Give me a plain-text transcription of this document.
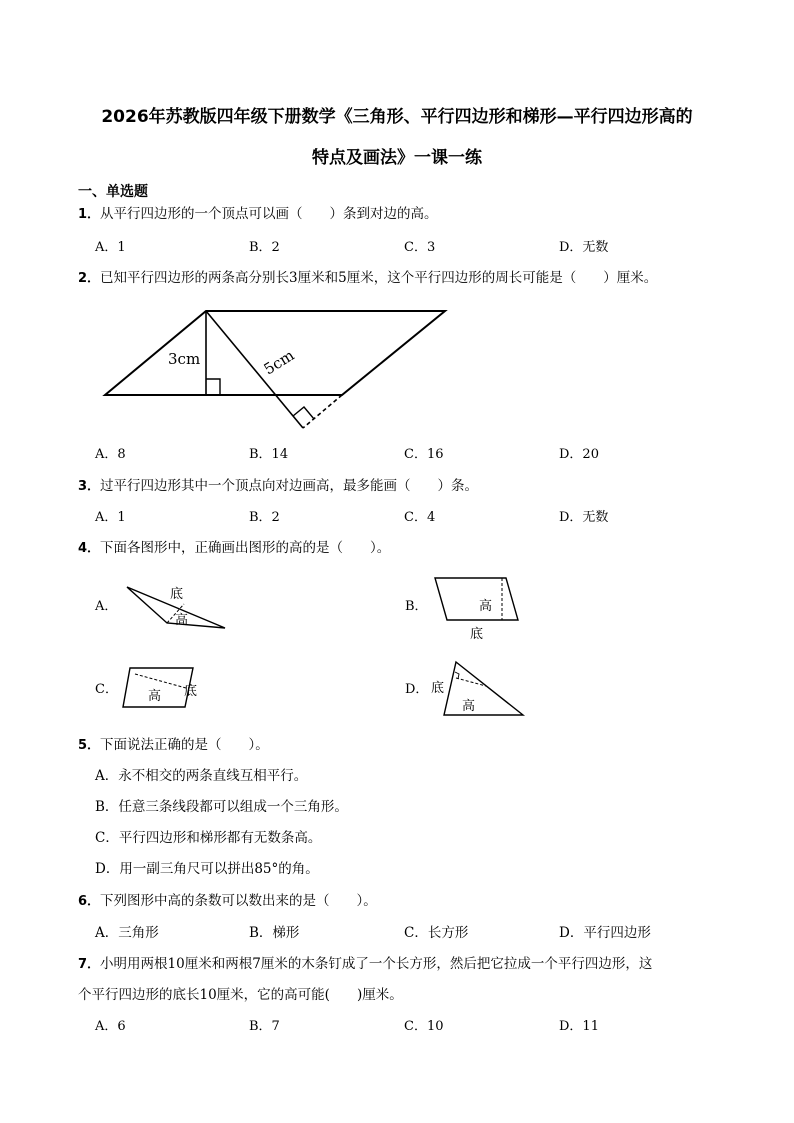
2026年苏教版四年级下册数学《三角形、平行四边形和梯形—平行四边形高的
特点及画法》一课一练
一、单选题
1．从平行四边形的一个顶点可以画（　　）条到对边的高。
A．1	B．2	C．3	D．无数
2．已知平行四边形的两条高分别长3厘米和5厘米，这个平行四边形的周长可能是（　　）厘米。
3cm	5cm
A．8	B．14	C．16	D．20
3．过平行四边形其中一个顶点向对边画高，最多能画（　　）条。
A．1	B．2	C．4	D．无数
4．下面各图形中，正确画出图形的高的是（　　）。
A．
底
高
B．	高
底
C． 高 底	D． 底
高
5．下面说法正确的是（　　）。
A．永不相交的两条直线互相平行。
B．任意三条线段都可以组成一个三角形。
C．平行四边形和梯形都有无数条高。
D．用一副三角尺可以拼出85°的角。
6．下列图形中高的条数可以数出来的是（　　）。
A．三角形	B．梯形	C．长方形	D．平行四边形
7．小明用两根10厘米和两根7厘米的木条钉成了一个长方形，然后把它拉成一个平行四边形，这
个平行四边形的底长10厘米，它的高可能(　　)厘米。
A．6	B．7	C．10	D．11
